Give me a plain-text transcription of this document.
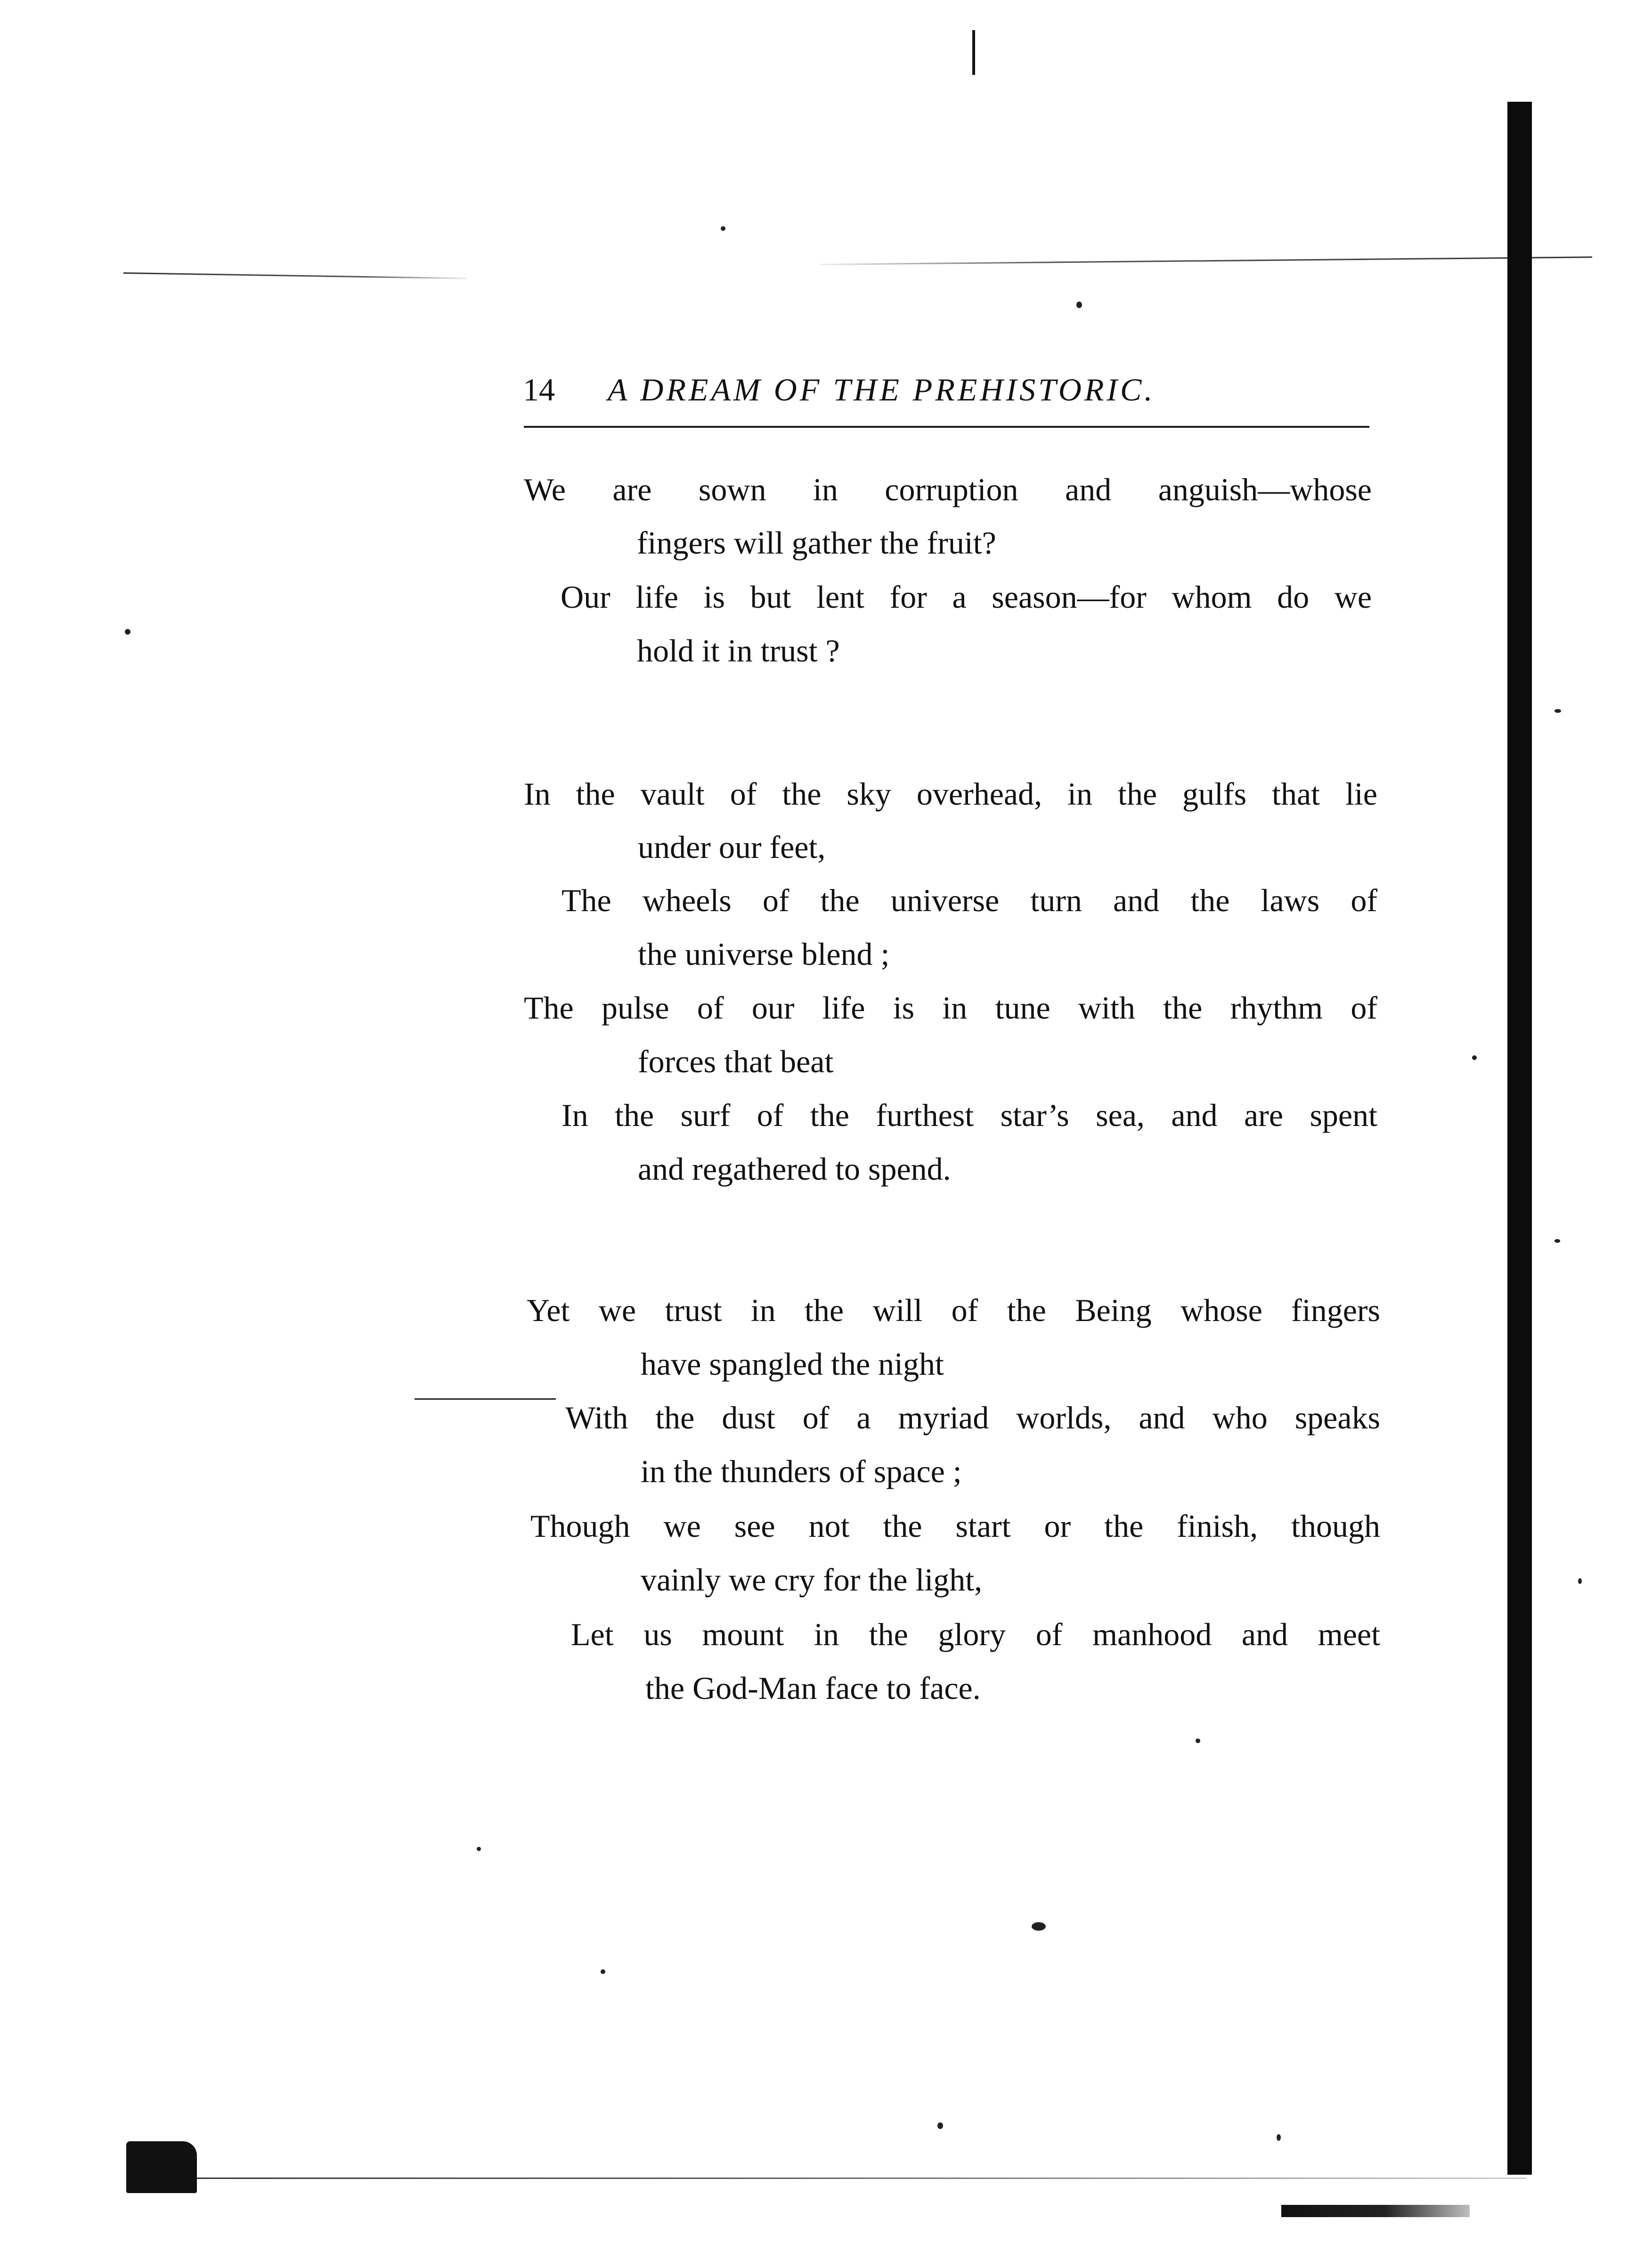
14 A DREAM OF THE PREHISTORIC.

We are sown in corruption and anguish—whose

fingers will gather the fruit?

Our life is but lent for a season—for whom do we

hold it in trust ?

In the vault of the sky overhead, in the gulfs that lie

under our feet,

The wheels of the universe turn and the laws of

the universe blend ;

The pulse of our life is in tune with the rhythm of

forces that beat

In the surf of the furthest star’s sea, and are spent

and regathered to spend.

Yet we trust in the will of the Being whose fingers

have spangled the night

With the dust of a myriad worlds, and who speaks

in the thunders of space ;

Though we see not the start or the finish, though

vainly we cry for the light,

Let us mount in the glory of manhood and meet

the God-Man face to face.
